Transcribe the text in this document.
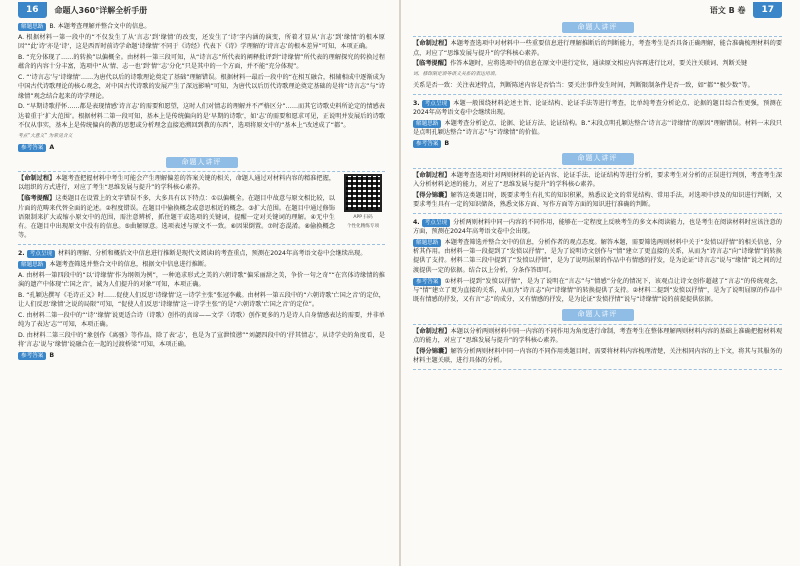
16	命题人360°详解全析手册

解题思路 B. 本题考查理解并整合文中的信息。

A. 根据材料一第一段中的“不仅发生了从‘言志’到‘缘情’的改变，还发生了‘诗’字内涵的演变，所着才显从‘言志’到‘缘情’的根本原因”“此‘诗’亦是‘诗’，这是西晋时前诗学命题‘诗缘情’不同于《诗经》代表下《诗》学理解的‘诗言志’的根本差异”可知，本项正确。

B. “充分体现了……的转换”以偏概全。由材料一第三段可知，从“诗言志”所代表的阐释批评到“诗缘情”所代表的理解探究的转换过程蕴含的内容十分丰富，选项中“从‘情、志一也’到‘情’‘志’分化”只是其中的一个方面，并不能“充分体现”。

C. “‘诗言志’与‘诗缘情’……为唐代以后的诗歌理论奠定了基础”理解错误。根据材料一最后一段中的“在相互融合，相辅相成中逐渐成为中国古代诗歌理论的核心观念，对中国古代诗歌的发展产生了深远影响”可知，为唐代以后历代诗歌理论奠定基础的是将“诗言志”与“诗缘情”观念结合起来的诗学理论。

D. “早期诗歌抒怀……都是表现情感‘诗言志’的需要和愿望，这时人们对情志的理解并不严格区分”……而其它诗歌史料所论定的情感表达着重于‘扩大范围’。根据材料二第一段可知，基本上是传统偏向的是‘早期的诗歌’，如‘志’的需要和愿求可见，正说明并发展后的诗歌不仅从事实，基本上是传统偏向的教的思想或分析理念直接追溯回到教的东西”，选项将原文中的“基本上”改述成了“都”。

考点“大意义” 为常见含义

参考答案 A

命题人讲评

【命制过程】本题考查把握材料中考生可能会产生理解偏差的答案关键的相关，命题人通过对材料内容的精准把握，以组织的方式进行，对应了考生“思维发展与提升”的学科核心素养。

【临考提醒】这类题目在设置上的文字错误不多，大多具有以下特点：①以偏概全。在题目中故意与原文相比较，以片面的范畴来代替全面的论述。②程度错误。在题目中偷换概念或意思相近的概念。③扩大范围。在题目中通过修饰语限制来扩大或缩小原文中的范围，需注意辨析，抓住题干或选项的关键词，提醒一定对关键词的理解。④无中生有。在题目中出现原文中没有的信息。⑤曲解原意。选项表述与原文不一致。⑥因果倒置。⑦时态混淆。⑧偷换概念等。

APP 扫码
个性化精练专项

2. 考点呈现 材料的理解、分析和概括文中信息进行推断是现代文阅读Ⅰ的考查重点，预测在2024年高考语文卷中会继续出现。

解题思路 本题考查筛选并整合文中的信息，根据文中信息进行推断。

A. 由材料一第四段中的“以‘诗缘情’作为纲领为例”，一种追求形式之美的六朝诗歌“偏采丽辞之美，争价一句之奇”“在宫体诗缘情的推演的遗产中体现‘亡国之音’，诚为人们提升的对象”可知，本项正确。

B. “孔颖达撰写《毛诗正义》时……促使人们反思‘诗缘情’这一诗学主张”张冠李戴。由材料一第五段中的“六朝诗歌‘亡国之音’的定位，让人们反思‘缘情’之说的局限”可知，“促使人们反思‘诗缘情’这一诗学主张”的是“六朝诗歌‘亡国之音’的定位”。

C. 由材料二第一段中的“‘诗’‘缘情’说更适合诗（诗歌）创作的真谛——文学（诗歌）创作更多的乃是诗人自身情感表达的需要，并非单纯为了表达‘志’”可知，本项正确。

D. 由材料二第三段中的“象创作《离骚》等作品，除了表‘志’，也是为了宣泄愤懑”“刘勰四段中的‘抒其情志’，从诗学史的角度看，是将‘言志’说与‘缘情’说融合在一起的过渡桥梁”可知，本项正确。

参考答案 B

语文 B 卷	17
命题人讲评

【命制过程】本题考查选项中对材料中一些重要信息进行理解推断后的判断能力，考查考生是否具备正确理解，能合准确梳理材料的要点，对应了“思维发展与提升”的学科核心素养。

【临考提醒】作答本题时，应将选项中的信息在原文中进行定位，通读原文相应内容再进行比对，要关注关联词、判断关键

词、修饰限定语等语义关系的表达用语。

关系是否一致：关注表述特点，判断陈述内容是否恰当：要关注事件发生时间，判断限制条件是否一致，如“都”“极少数”等。

3. 考点呈现 本题一般围绕材料论述主旨、论证结构、论证手法等进行考查，比单纯考查分析论点、论据的题目综合性更强，预测在2024年高考语文卷中会继续出现。

解题思路 本题考查分析论点、论据、论证方法、论证结构。B.“末段点明孔颖达整合‘诗言志’‘诗缘情’的原因”理解错误。材料一末段只是点明孔颖达整合“诗言志”与“诗缘情”的价值。

参考答案 B

命题人讲评

【命制过程】本题考查选项针对两则材料的论证内容、论证手法、论证结构等进行分析，要求考生对分析的正误进行判别，考查考生深入分析材料论述的能力，对应了“思维发展与提升”的学科核心素养。

【得分锦囊】解答这类题目时，既要求考生有扎实的知识积累，熟悉议论文的常见结构、常用手法，对选项中涉及的知识进行判断，又要求考生具有一定的知识储备，熟悉文体方面、写作方面等方面的知识进行准确的判断。

4. 考点呈现 分析两则材料中同一内容的不同作用，能够在一定程度上反映考生的多文本阅读能力，也是考生在阅读材料时应该注意的方面，预测在2024年高考语文卷中会出现。

解题思路 本题考查筛选并整合文中的信息，分析作者的观点态度。解答本题，需要筛选两则材料中关于“发愤以抒情”的相关信息，分析其作用。由材料一第一段提到了“发愤以抒情”，是为了说明诗文创作与“情”建立了更直接的关系，从而为“诗言志”向“诗缘情”的转换提供了支持。材料二第三段中提到了“发愤以抒情”，是为了说明屈原的作品中有情感的抒发，是为论证“诗言志”说与“缘情”说之间的过渡提供一定的依据。结合以上分析，分条作答即可。

参考答案 ①材料一提到“发愤以抒情”，是为了说明在“言志”与“情感”分化的情况下，该观点让诗文创作超越了“言志”的传统观念，与“情”建立了更为直接的关系，从而为“诗言志”向“诗缘情”的转换提供了支持。②材料二提到“发愤以抒情”，是为了说明屈原的作品中既有情感的抒发，又有言“志”的成分，又有情感的抒发，是为论证“发愤抒情”说与“诗缘情”说的前提提供依据。

命题人讲评

【命制过程】本题以分析两则材料中同一内容的不同作用为角度进行命制，考查考生在整体理解两则材料内容的基础上准确把握材料观点的能力，对应了“思维发展与提升”的学科核心素养。

【得分锦囊】解答分析两则材料中同一内容的不同作用类题目时，需要将材料内容梳理清楚，关注相同内容的上下文，将其与其服务的材料主题关联，进行具体的分析。
